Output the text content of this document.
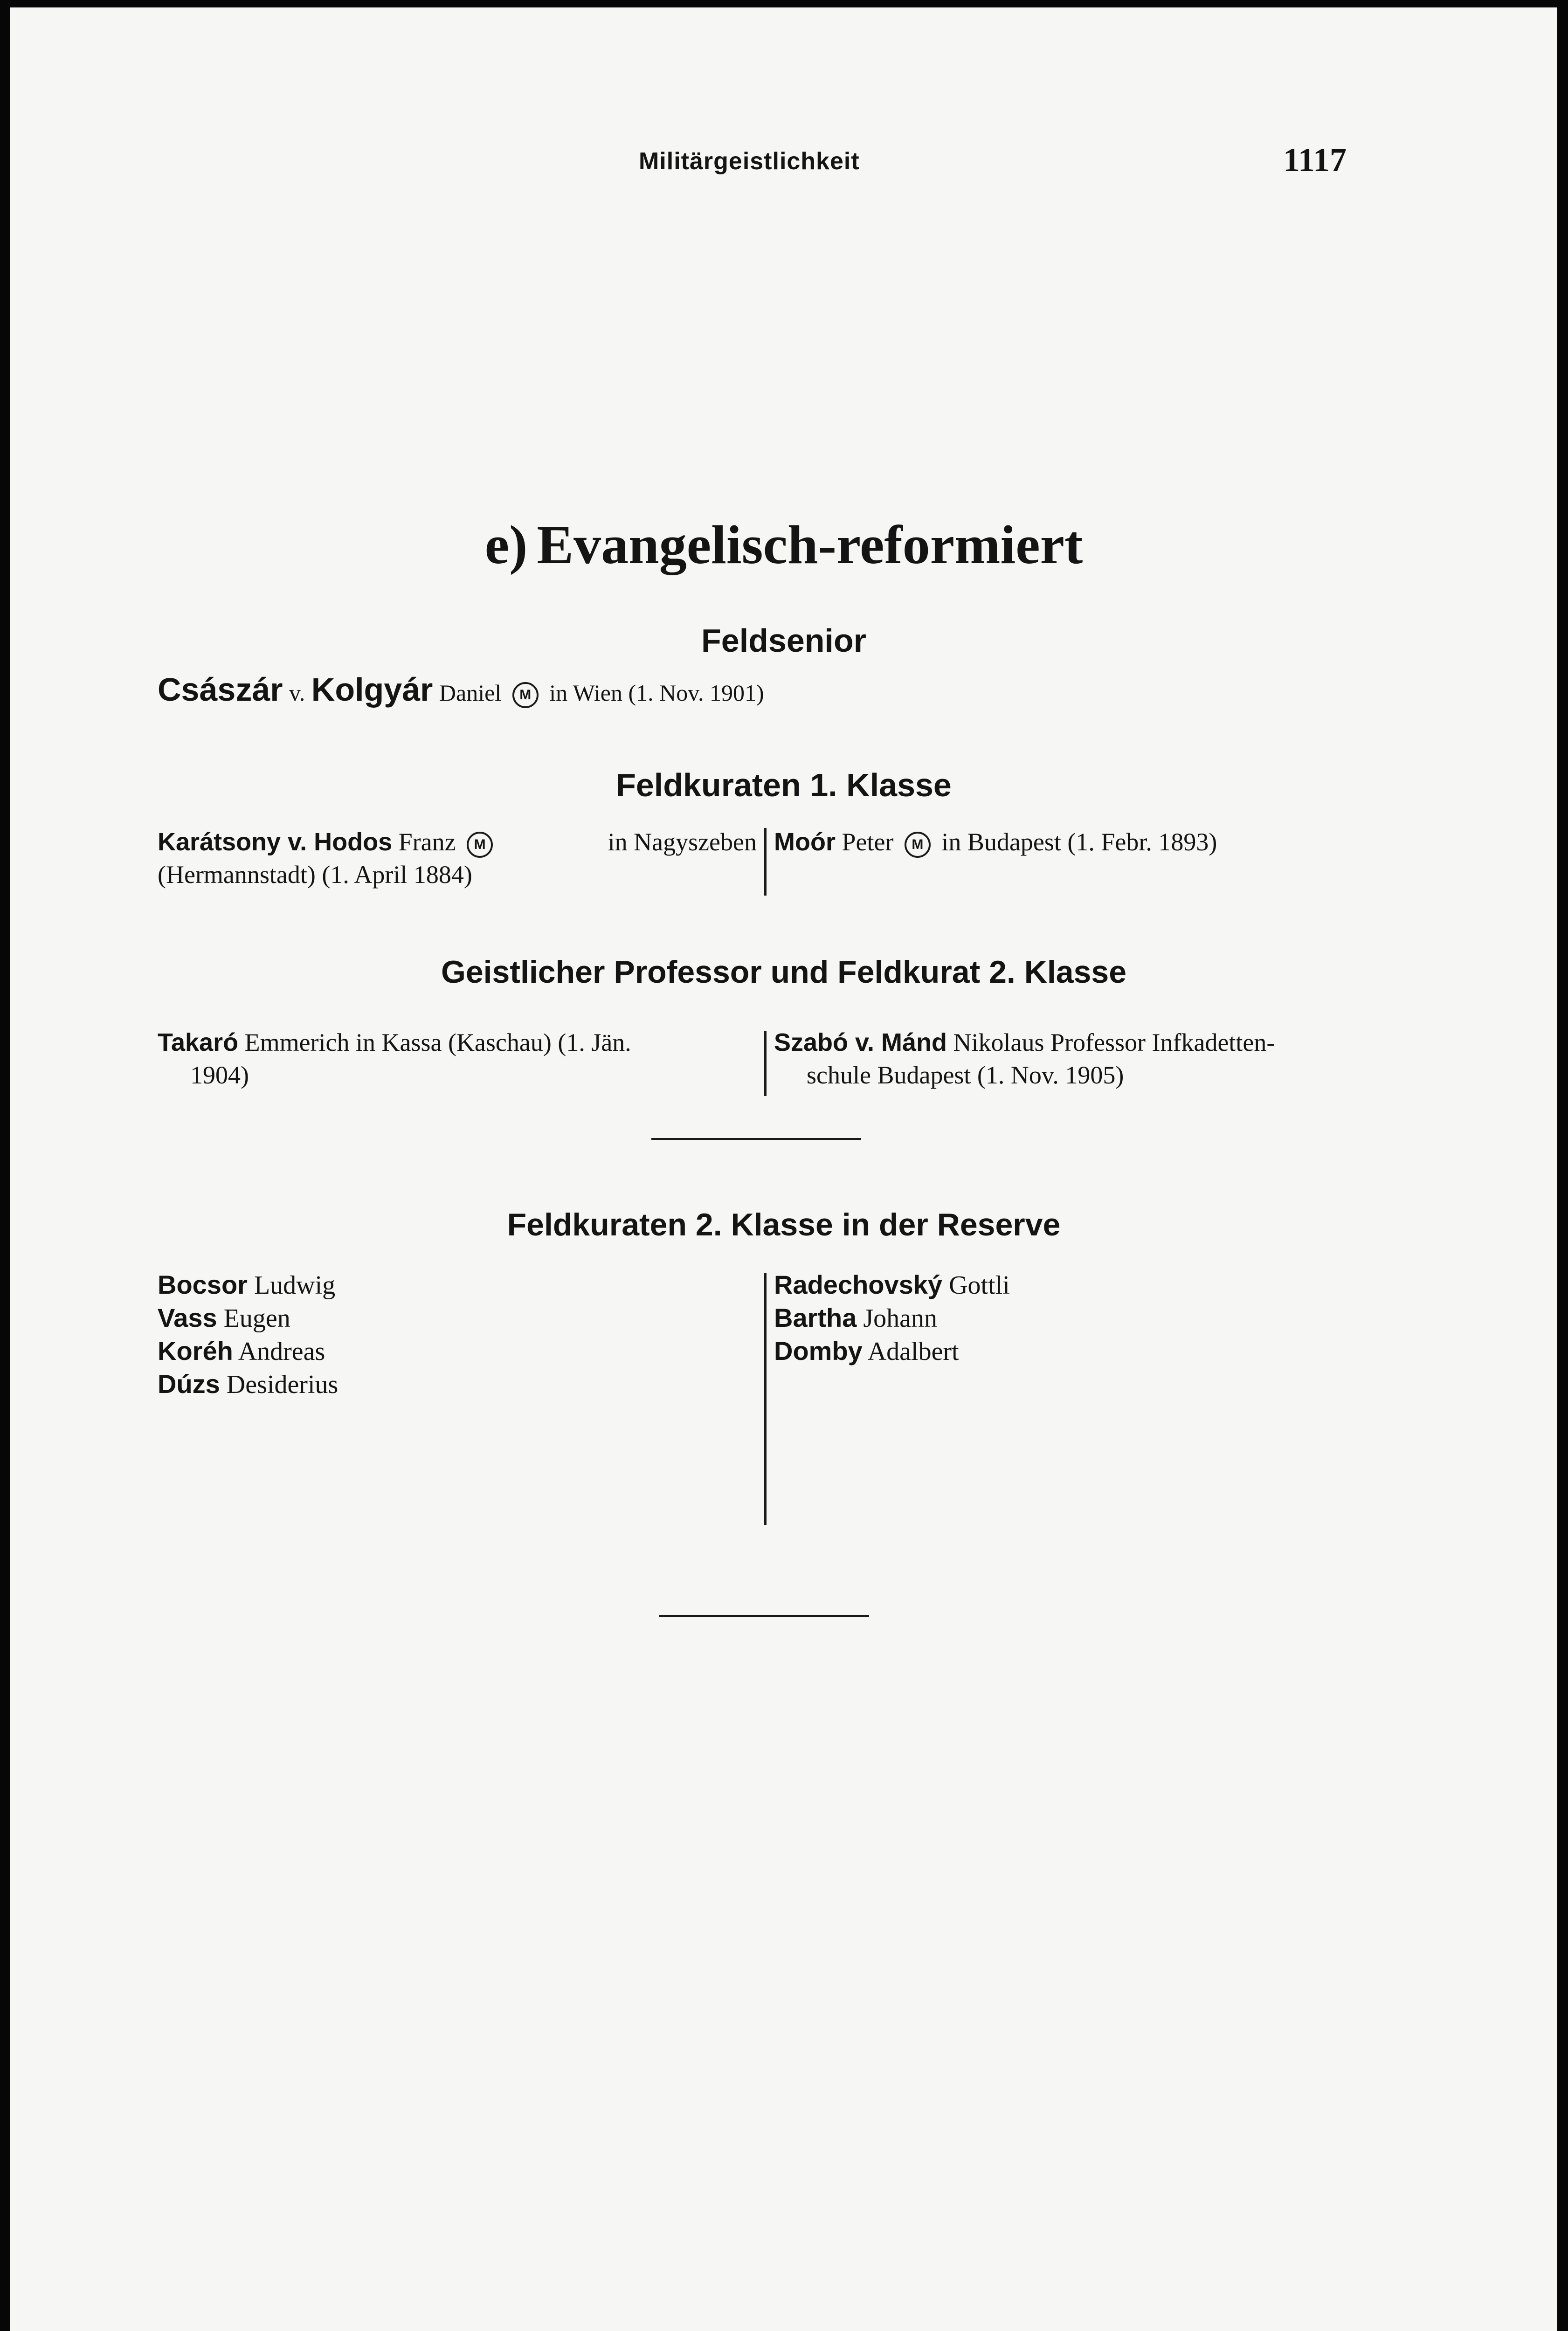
Militärgeistlichkeit	1117
e) Evangelisch-reformiert
Feldsenior
Császár v. Kolgyár Daniel M in Wien (1. Nov. 1901)
Feldkuraten 1. Klasse
Karátsony v. Hodos Franz M	in Nagyszeben
(Hermannstadt) (1. April 1884)
Moór Peter M in Budapest (1. Febr. 1893)
Geistlicher Professor und Feldkurat 2. Klasse
Takaró Emmerich in Kassa (Kaschau) (1. Jän.
1904)
Szabó v. Mánd Nikolaus Professor Infkadetten-
schule Budapest (1. Nov. 1905)
Feldkuraten 2. Klasse in der Reserve
Bocsor Ludwig
Vass Eugen
Koréh Andreas
Dúzs Desiderius
Radechovský Gottli
Bartha Johann
Domby Adalbert
